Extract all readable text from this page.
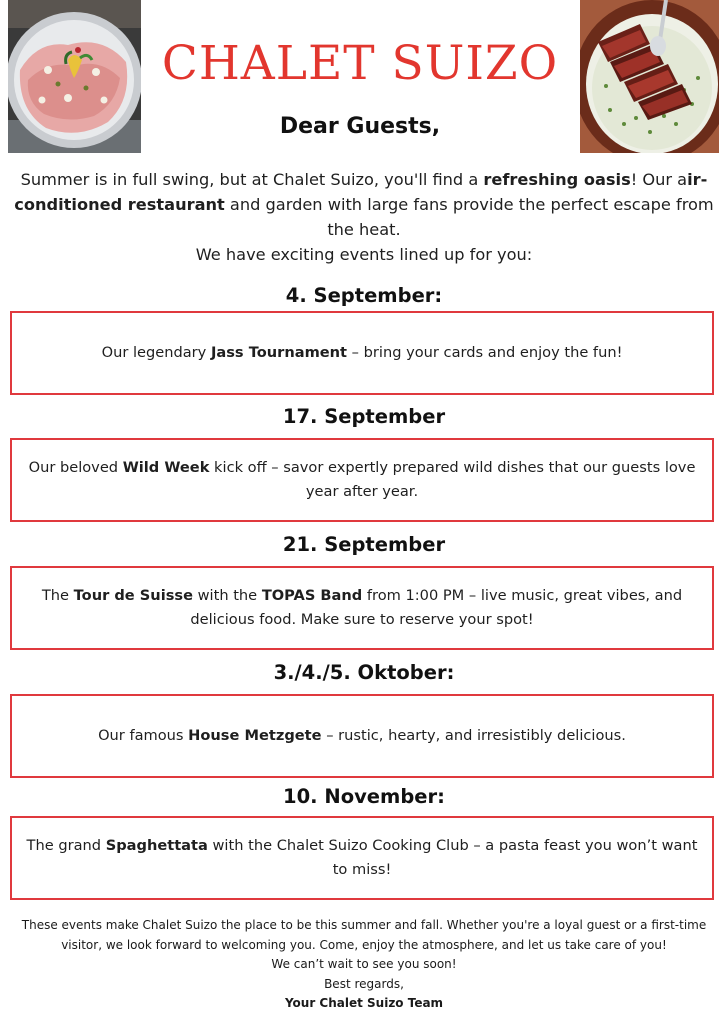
CHALET SUIZO
Dear Guests,
Summer is in full swing, but at Chalet Suizo, you'll find a refreshing oasis! Our air-conditioned restaurant and garden with large fans provide the perfect escape from the heat.
We have exciting events lined up for you:
4. September:
Our legendary Jass Tournament – bring your cards and enjoy the fun!
17. September
Our beloved Wild Week kick off – savor expertly prepared wild dishes that our guests love year after year.
21. September
The Tour de Suisse with the TOPAS Band from 1:00 PM – live music, great vibes, and delicious food. Make sure to reserve your spot!
3./4./5. Oktober:
Our famous House Metzgete – rustic, hearty, and irresistibly delicious.
10. November:
The grand Spaghettata with the Chalet Suizo Cooking Club – a pasta feast you won’t want to miss!
These events make Chalet Suizo the place to be this summer and fall. Whether you're a loyal guest or a first-time visitor, we look forward to welcoming you. Come, enjoy the atmosphere, and let us take care of you!
We can’t wait to see you soon!
Best regards,
Your Chalet Suizo Team
